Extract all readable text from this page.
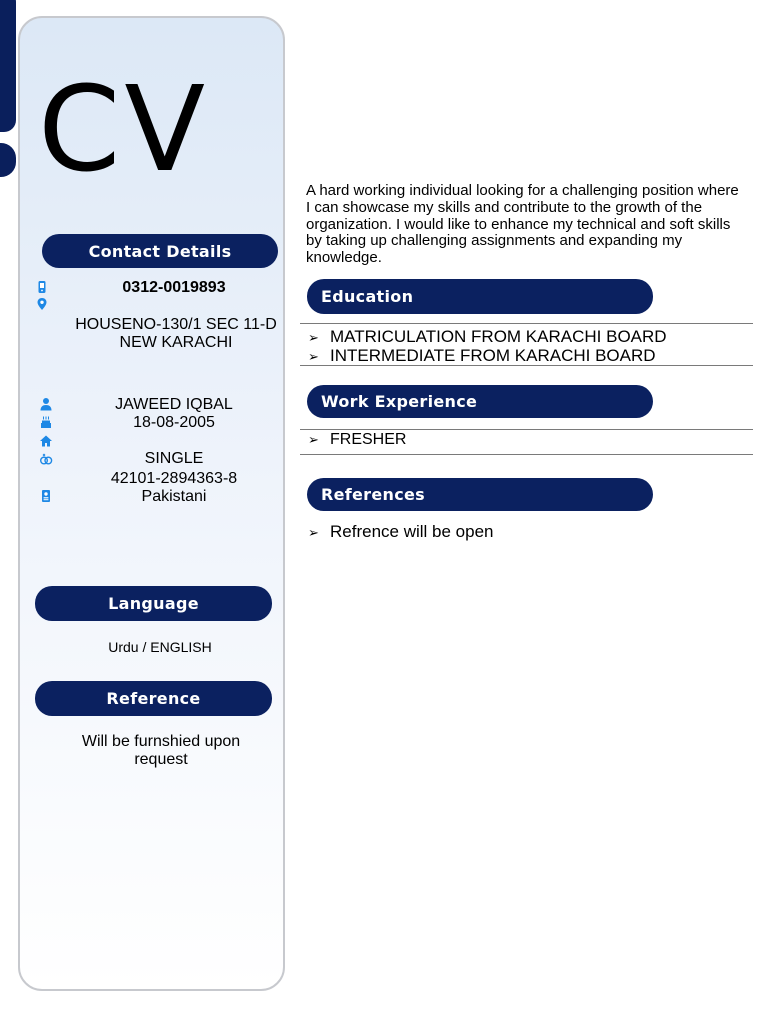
CV
Contact Details
0312-0019893
HOUSENO-130/1 SEC 11-D NEW KARACHI
JAWEED IQBAL
18-08-2005
SINGLE
42101-2894363-8
Pakistani
Language
Urdu / ENGLISH
Reference
Will be furnshied upon request
A hard working individual looking for a challenging position where I can showcase my skills and contribute to the growth of the organization. I would like to enhance my technical and soft skills by taking up challenging assignments and expanding my knowledge.
Education
➢ MATRICULATION FROM KARACHI BOARD
➢ INTERMEDIATE FROM KARACHI BOARD
Work Experience
➢ FRESHER
References
➢ Refrence will be open
